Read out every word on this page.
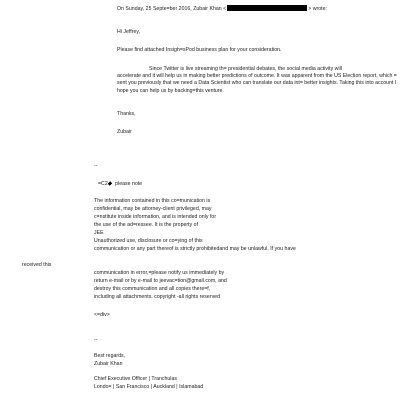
On Sunday, 25 Septe=ber 2016, Zubair Khan <	> wrote:
Hi Jeffrey,
Please find attached Insigh=sPod business plan for your consideration.
Since Twitter is live streaming th= presidential debates, the social media activity will
accelerate and it will help us in making better predictions of outcome. It was apparent from the US Election report, which = sent you previously that we need a Data Scientist who can translate our data int= better insights. Taking this into account I hope you can help us by backing=this venture.
Thanks,
Zubair
--
=C2 please note
The information contained in this co=munication is
confidential, may be attorney-client privileged, may
c=nstitute inside information, and is intended only for
the use of the ad=ressee. It is the property of
JEE
Unauthorized use, disclosure or co=ying of this
communication or any part thereof is strictly prohibitedand may be unlawful. If you have
received this
communication in error,=please notify us immediately by
return e-mail or by e-mail to jeevac=tion@gmail.com, and
destroy this communication and all copies there=f,
including all attachments. copyright -all rights reserved
<=div>
--
Best regards,
Zubair Khan
Chief Executive Officer | Tranchulas
Londo= | San Francisco | Auckland | Islamabad
